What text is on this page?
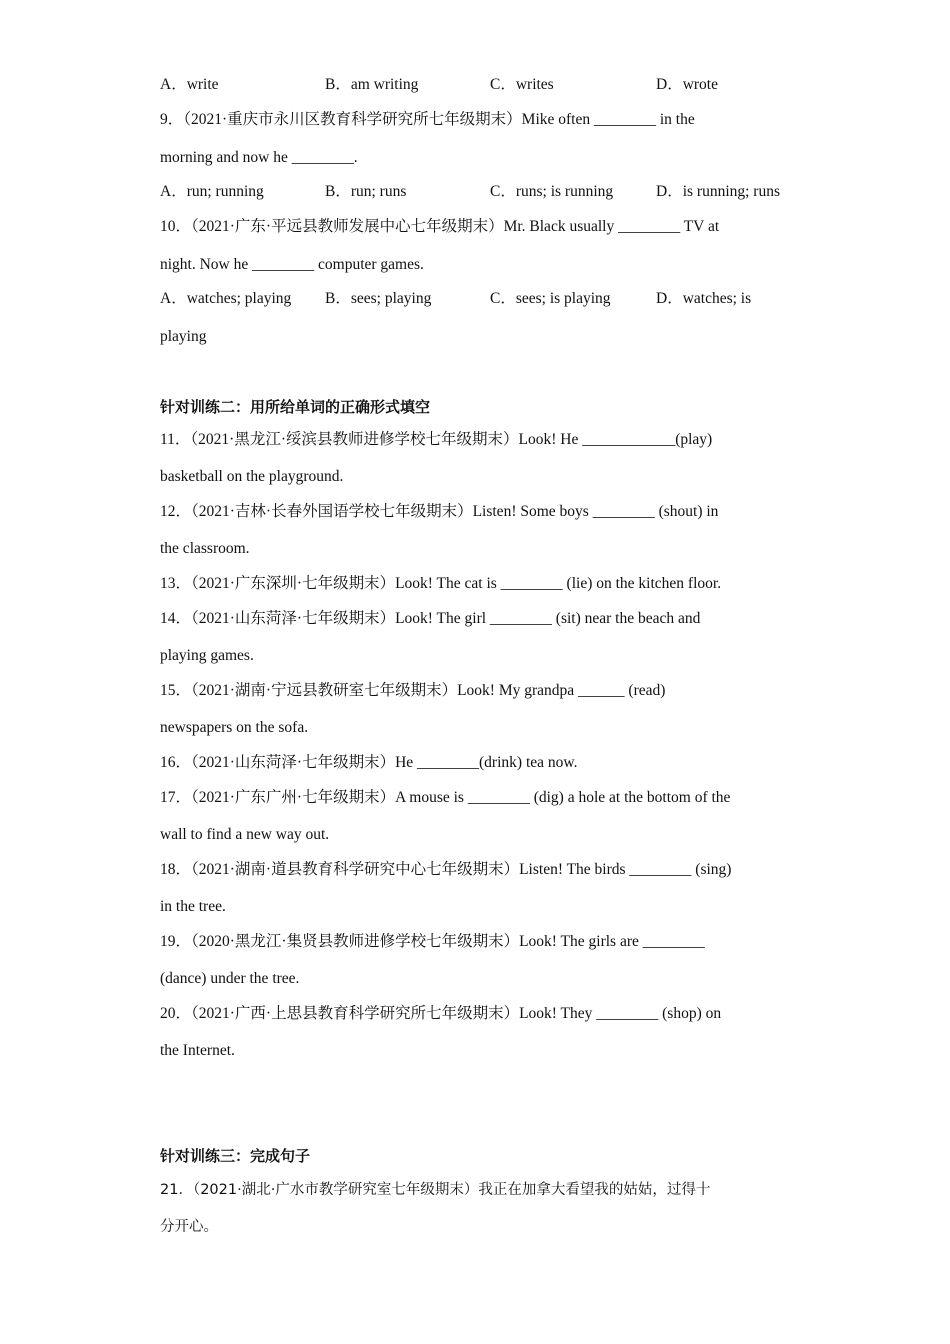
A．write	B．am writing	C．writes	D．wrote
9．（2021·重庆市永川区教育科学研究所七年级期末）Mike often ________ in the
morning and now he ________.
A．run; running	B．run; runs	C．runs; is running	D．is running; runs
10．（2021·广东·平远县教师发展中心七年级期末）Mr. Black usually ________ TV at
night. Now he ________ computer games.
A．watches; playing B．sees; playing	C．sees; is playing	D．watches; is
playing
针对训练二：用所给单词的正确形式填空
11．（2021·黑龙江·绥滨县教师进修学校七年级期末）Look! He ____________(play)
basketball on the playground.
12．（2021·吉林·长春外国语学校七年级期末）Listen! Some boys ________ (shout) in
the classroom.
13．（2021·广东深圳·七年级期末）Look! The cat is ________ (lie) on the kitchen floor.
14．（2021·山东菏泽·七年级期末）Look! The girl ________ (sit) near the beach and
playing games.
15．（2021·湖南·宁远县教研室七年级期末）Look! My grandpa ______ (read)
newspapers on the sofa.
16．（2021·山东菏泽·七年级期末）He ________(drink) tea now.
17．（2021·广东广州·七年级期末）A mouse is ________ (dig) a hole at the bottom of the
wall to find a new way out.
18．（2021·湖南·道县教育科学研究中心七年级期末）Listen! The birds ________ (sing)
in the tree.
19．（2020·黑龙江·集贤县教师进修学校七年级期末）Look! The girls are ________
(dance) under the tree.
20．（2021·广西·上思县教育科学研究所七年级期末）Look! They ________ (shop) on
the Internet.
针对训练三：完成句子
21．（2021·湖北·广水市教学研究室七年级期末）我正在加拿大看望我的姑姑，过得十
分开心。
